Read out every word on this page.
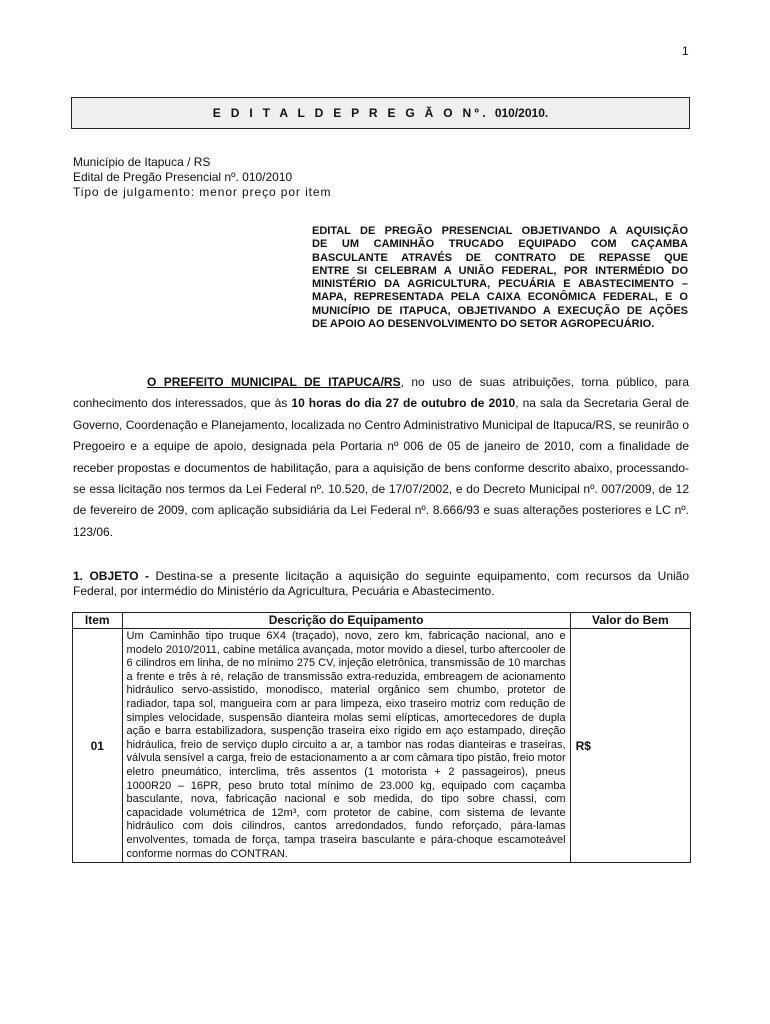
1
E D I T A L D E P R E G Ã O Nº. 010/2010.
Município de Itapuca / RS
Edital de Pregão Presencial nº. 010/2010
Tipo de julgamento: menor preço por item
EDITAL DE PREGÃO PRESENCIAL OBJETIVANDO A AQUISIÇÃO
DE UM CAMINHÃO TRUCADO EQUIPADO COM CAÇAMBA
BASCULANTE ATRAVÉS DE CONTRATO DE REPASSE QUE
ENTRE SI CELEBRAM A UNIÃO FEDERAL, POR INTERMÉDIO DO
MINISTÉRIO DA AGRICULTURA, PECUÁRIA E ABASTECIMENTO –
MAPA, REPRESENTADA PELA CAIXA ECONÔMICA FEDERAL, E O
MUNICÍPIO DE ITAPUCA, OBJETIVANDO A EXECUÇÃO DE AÇÕES
DE APOIO AO DESENVOLVIMENTO DO SETOR AGROPECUÁRIO.
O PREFEITO MUNICIPAL DE ITAPUCA/RS, no uso de suas atribuições, torna público, para conhecimento dos interessados, que às 10 horas do dia 27 de outubro de 2010, na sala da Secretaria Geral de Governo, Coordenação e Planejamento, localizada no Centro Administrativo Municipal de Itapuca/RS, se reunirão o Pregoeiro e a equipe de apoio, designada pela Portaria nº 006 de 05 de janeiro de 2010, com a finalidade de receber propostas e documentos de habilitação, para a aquisição de bens conforme descrito abaixo, processando-se essa licitação nos termos da Lei Federal nº. 10.520, de 17/07/2002, e do Decreto Municipal nº. 007/2009, de 12 de fevereiro de 2009, com aplicação subsidiária da Lei Federal nº. 8.666/93 e suas alterações posteriores e LC nº. 123/06.
1. OBJETO - Destina-se a presente licitação a aquisição do seguinte equipamento, com recursos da União Federal, por intermédio do Ministério da Agricultura, Pecuária e Abastecimento.
Item	Descrição do Equipamento	Valor do Bem
01	Um Caminhão tipo truque 6X4 (traçado), novo, zero km, fabricação nacional, ano e modelo 2010/2011, cabine metálica avançada, motor movido a diesel, turbo aftercooler de 6 cilindros em linha, de no mínimo 275 CV, injeção eletrônica, transmissão de 10 marchas a frente e três à ré, relação de transmissão extra-reduzida, embreagem de acionamento hidráulico servo-assistido, monodisco, material orgânico sem chumbo, protetor de radiador, tapa sol, mangueira com ar para limpeza, eixo traseiro motriz com redução de simples velocidade, suspensão dianteira molas semi elípticas, amortecedores de dupla ação e barra estabilizadora, suspenção traseira eixo rígido em aço estampado, direção hidráulica, freio de serviço duplo circuito a ar, a tambor nas rodas dianteiras e traseiras, válvula sensível a carga, freio de estacionamento a ar com câmara tipo pistão, freio motor eletro pneumático, interclima, três assentos (1 motorista + 2 passageiros), pneus 1000R20 – 16PR, peso bruto total mínimo de 23.000 kg, equipado com caçamba basculante, nova, fabricação nacional e sob medida, do tipo sobre chassi, com capacidade volumétrica de 12m³, com protetor de cabine, com sistema de levante hidráulico com dois cilindros, cantos arredondados, fundo reforçado, pára-lamas envolventes, tomada de força, tampa traseira basculante e pára-choque escamoteável conforme normas do CONTRAN.	R$
